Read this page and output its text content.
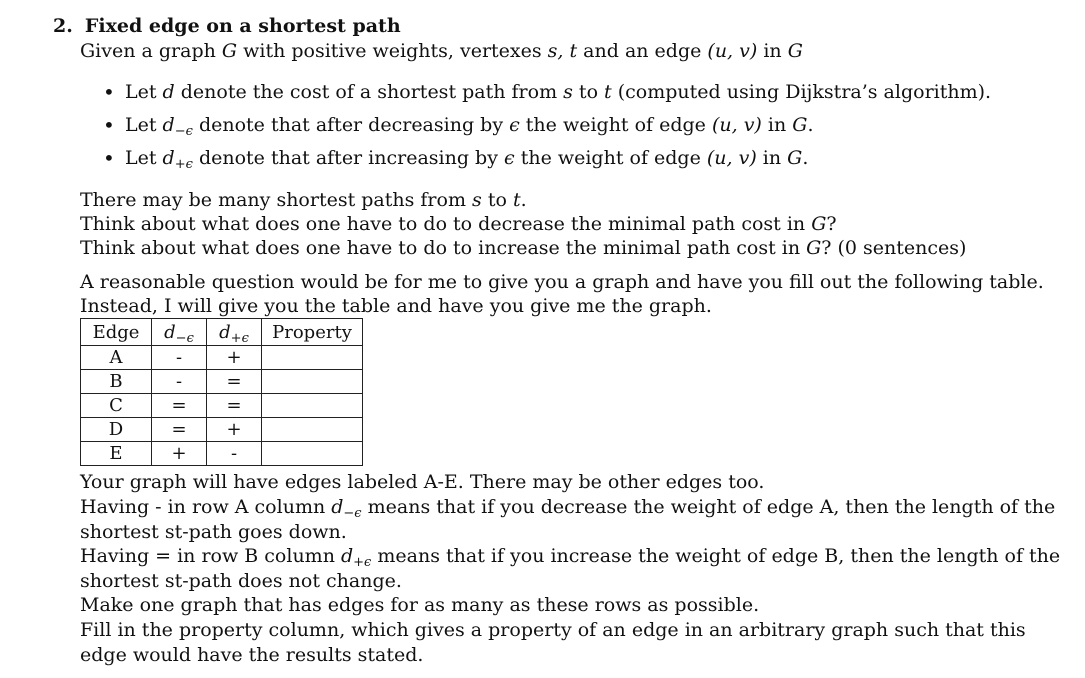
2. Fixed edge on a shortest path
Given a graph G with positive weights, vertexes s, t and an edge (u, v) in G
• Let d denote the cost of a shortest path from s to t (computed using Dijkstra’s algorithm).
• Let $d_{-\epsilon}$ denote that after decreasing by ϵ the weight of edge (u, v) in G.
• Let $d_{+\epsilon}$ denote that after increasing by ϵ the weight of edge (u, v) in G.
There may be many shortest paths from s to t.
Think about what does one have to do to decrease the minimal path cost in G?
Think about what does one have to do to increase the minimal path cost in G? (0 sentences)
A reasonable question would be for me to give you a graph and have you fill out the following table.
Instead, I will give you the table and have you give me the graph.
Edge	$d_{-\epsilon}$	$d_{+\epsilon}$	Property
A	-	+	
B	-	=	
C	=	=	
D	=	+	
E	+	-	
Your graph will have edges labeled A-E. There may be other edges too.
Having - in row A column $d_{-\epsilon}$ means that if you decrease the weight of edge A, then the length of the
shortest st-path goes down.
Having = in row B column $d_{+\epsilon}$ means that if you increase the weight of edge B, then the length of the
shortest st-path does not change.
Make one graph that has edges for as many as these rows as possible.
Fill in the property column, which gives a property of an edge in an arbitrary graph such that this
edge would have the results stated.
